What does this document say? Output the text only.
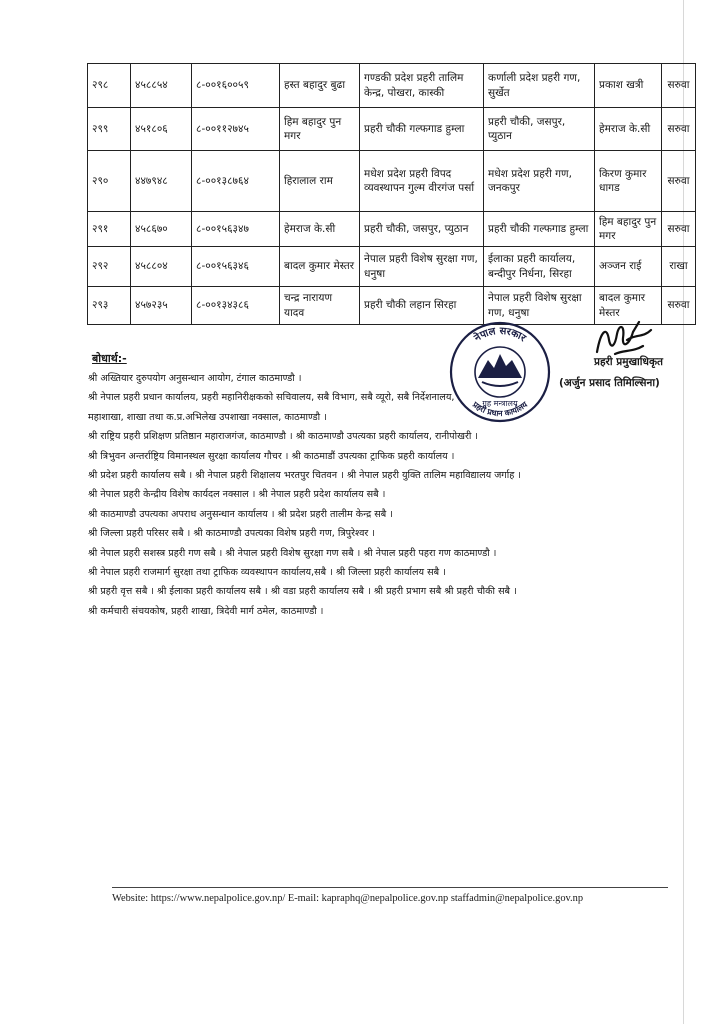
२९८	४५८८५४	८-००१६००५९	हस्त बहादुर बुढा	गण्डकी प्रदेश प्रहरी तालिम केन्द्र, पोखरा, कास्की	कर्णाली प्रदेश प्रहरी गण, सुर्खेत	प्रकाश खत्री	सरुवा
२९९	४५१८०६	८-००११२७४५	हिम बहादुर पुन मगर	प्रहरी चौकी गल्फगाड हुम्ला	प्रहरी चौकी, जसपुर, प्युठान	हेमराज के.सी	सरुवा
२९०	४४७९४८	८-००१३८७६४	हिरालाल राम	मधेश प्रदेश प्रहरी विपद व्यवस्थापन गुल्म वीरगंज पर्सा	मधेश प्रदेश प्रहरी गण, जनकपुर	किरण कुमार धागड	सरुवा
२९१	४५८६७०	८-००१५६३४७	हेमराज के.सी	प्रहरी चौकी, जसपुर, प्युठान	प्रहरी चौकी गल्फगाड हुम्ला	हिम बहादुर पुन मगर	सरुवा
२९२	४५८८०४	८-००१५६३४६	बादल कुमार मेस्तर	नेपाल प्रहरी विशेष सुरक्षा गण, धनुषा	ईलाका प्रहरी कार्यालय, बन्दीपुर निर्धना, सिरहा	अञ्जन राई	राखा
२९३	४५७२३५	८-००१३४३८६	चन्द्र नारायण यादव	प्रहरी चौकी लहान सिरहा	नेपाल प्रहरी विशेष सुरक्षा गण, धनुषा	बादल कुमार मेस्तर	सरुवा
नेपाल सरकार
प्रहरी प्रधान कार्यालय
गृह मन्त्रालय
प्रहरी प्रमुखाधिकृत
(अर्जुन प्रसाद तिमिल्सिना)

बोधार्थ:-

श्री अख्तियार दुरुपयोग अनुसन्धान आयोग, टंगाल काठमाण्डौ ।
श्री नेपाल प्रहरी प्रधान कार्यालय, प्रहरी महानिरीक्षकको सचिवालय, सबै विभाग, सबै व्यूरो, सबै निर्देशनालय,
महाशाखा, शाखा तथा क.प्र.अभिलेख उपशाखा नक्साल, काठमाण्डौ ।
श्री राष्ट्रिय प्रहरी प्रशिक्षण प्रतिष्ठान महाराजगंज, काठमाण्डौ । श्री काठमाण्डौ उपत्यका प्रहरी कार्यालय, रानीपोखरी ।
श्री त्रिभुवन अन्तर्राष्ट्रिय विमानस्थल सुरक्षा कार्यालय गौचर । श्री काठमाडौं उपत्यका ट्राफिक प्रहरी कार्यालय ।
श्री प्रदेश प्रहरी कार्यालय सबै । श्री नेपाल प्रहरी शिक्षालय भरतपुर चितवन । श्री नेपाल प्रहरी युक्ति तालिम महाविद्यालय जर्गाह ।
श्री नेपाल प्रहरी केन्द्रीय विशेष कार्यदल नक्साल । श्री नेपाल प्रहरी प्रदेश कार्यालय सबै ।
श्री काठमाण्डौ उपत्यका अपराध अनुसन्धान कार्यालय । श्री प्रदेश प्रहरी तालीम केन्द्र सबै ।
श्री जिल्ला प्रहरी परिसर सबै । श्री काठमाण्डौ उपत्यका विशेष प्रहरी गण, त्रिपुरेश्वर ।
श्री नेपाल प्रहरी सशस्त्र प्रहरी गण सबै । श्री नेपाल प्रहरी विशेष सुरक्षा गण सबै । श्री नेपाल प्रहरी पहरा गण काठमाण्डौ ।
श्री नेपाल प्रहरी राजमार्ग सुरक्षा तथा ट्राफिक व्यवस्थापन कार्यालय,सबै । श्री जिल्ला प्रहरी कार्यालय सबै ।
श्री प्रहरी वृत्त सबै । श्री ईलाका प्रहरी कार्यालय सबै । श्री वडा प्रहरी कार्यालय सबै । श्री प्रहरी प्रभाग सबै श्री प्रहरी चौकी सबै ।
श्री कर्मचारी संचयकोष, प्रहरी शाखा, त्रिदेवी मार्ग ठमेल, काठमाण्डौ ।
Website: https://www.nepalpolice.gov.np/ E-mail: kapraphq@nepalpolice.gov.np staffadmin@nepalpolice.gov.np
